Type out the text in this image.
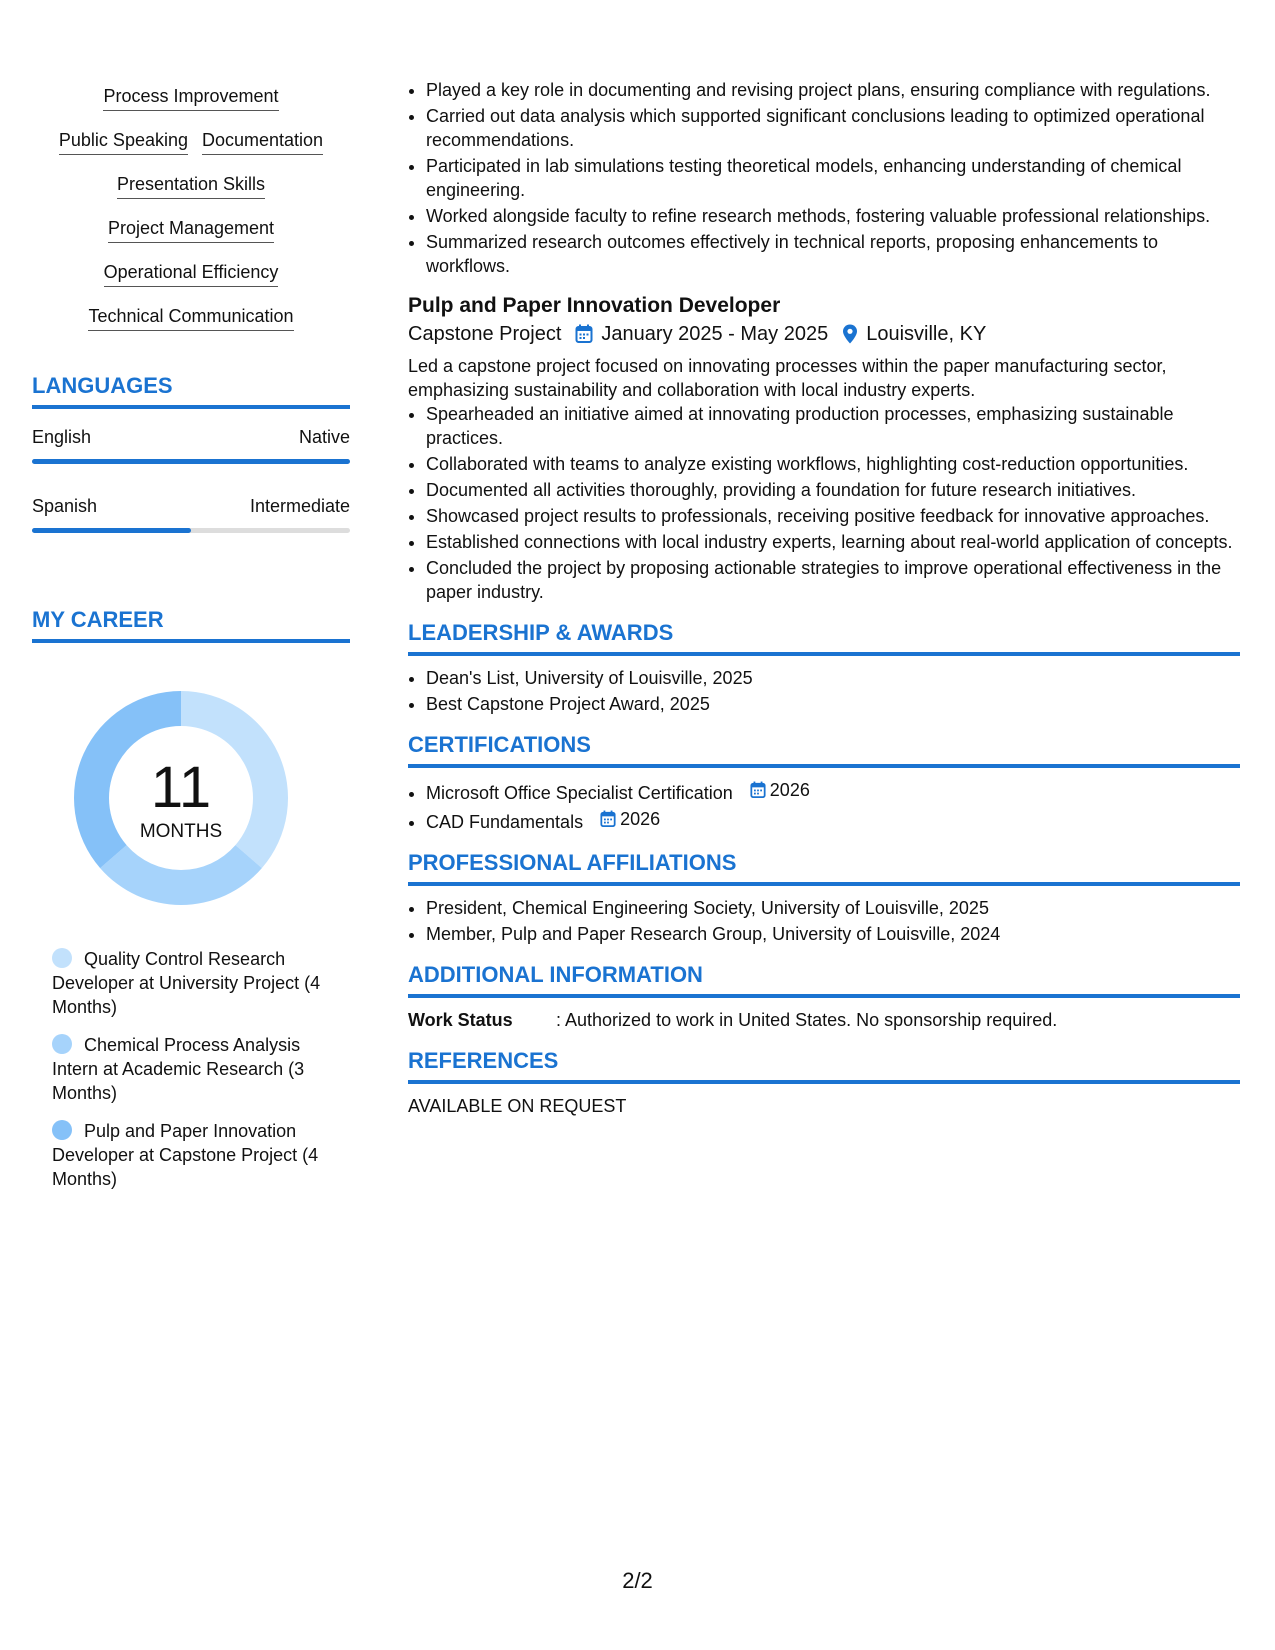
Process Improvement
Public Speaking Documentation
Presentation Skills
Project Management
Operational Efficiency
Technical Communication
LANGUAGES
English	Native
Spanish	Intermediate
MY CAREER
11
MONTHS
Quality Control Research Developer at University Project (4 Months)
Chemical Process Analysis Intern at Academic Research (3 Months)
Pulp and Paper Innovation Developer at Capstone Project (4 Months)
• Played a key role in documenting and revising project plans, ensuring compliance with regulations.
• Carried out data analysis which supported significant conclusions leading to optimized operational recommendations.
• Participated in lab simulations testing theoretical models, enhancing understanding of chemical engineering.
• Worked alongside faculty to refine research methods, fostering valuable professional relationships.
• Summarized research outcomes effectively in technical reports, proposing enhancements to workflows.
Pulp and Paper Innovation Developer
Capstone Project January 2025 - May 2025 Louisville, KY
Led a capstone project focused on innovating processes within the paper manufacturing sector, emphasizing sustainability and collaboration with local industry experts.
• Spearheaded an initiative aimed at innovating production processes, emphasizing sustainable practices.
• Collaborated with teams to analyze existing workflows, highlighting cost-reduction opportunities.
• Documented all activities thoroughly, providing a foundation for future research initiatives.
• Showcased project results to professionals, receiving positive feedback for innovative approaches.
• Established connections with local industry experts, learning about real-world application of concepts.
• Concluded the project by proposing actionable strategies to improve operational effectiveness in the paper industry.
LEADERSHIP & AWARDS
• Dean's List, University of Louisville, 2025
• Best Capstone Project Award, 2025
CERTIFICATIONS
• Microsoft Office Specialist Certification 2026
• CAD Fundamentals 2026
PROFESSIONAL AFFILIATIONS
• President, Chemical Engineering Society, University of Louisville, 2025
• Member, Pulp and Paper Research Group, University of Louisville, 2024
ADDITIONAL INFORMATION
Work Status	: Authorized to work in United States. No sponsorship required.
REFERENCES
AVAILABLE ON REQUEST
2/2
